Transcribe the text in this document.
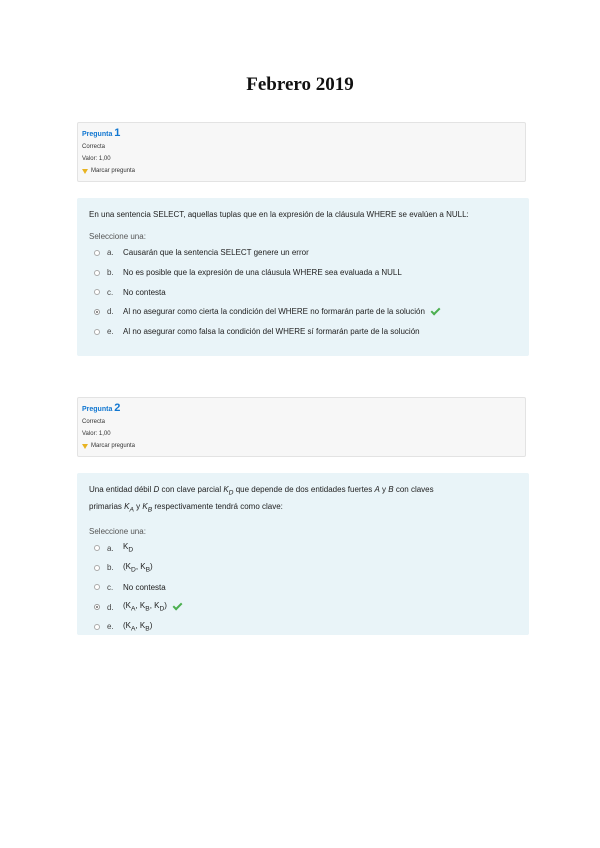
Febrero 2019
Pregunta 1
Correcta
Valor: 1,00
Marcar pregunta
En una sentencia SELECT, aquellas tuplas que en la expresión de la cláusula WHERE se evalúen a NULL:
Seleccione una:
a.	Causarán que la sentencia SELECT genere un error
b.	No es posible que la expresión de una cláusula WHERE sea evaluada a NULL
c.	No contesta
d.	Al no asegurar como cierta la condición del WHERE no formarán parte de la solución
e.	Al no asegurar como falsa la condición del WHERE sí formarán parte de la solución
Pregunta 2
Correcta
Valor: 1,00
Marcar pregunta
Una entidad débil D con clave parcial $K_D$ que depende de dos entidades fuertes A y B con claves
primarias $K_A$ y $K_B$ respectivamente tendrá como clave:
Seleccione una:
a.	$K_D$
b.	($K_D$, $K_B$)
c.	No contesta
d.	($K_A$, $K_B$, $K_D$)
e.	($K_A$, $K_B$)
